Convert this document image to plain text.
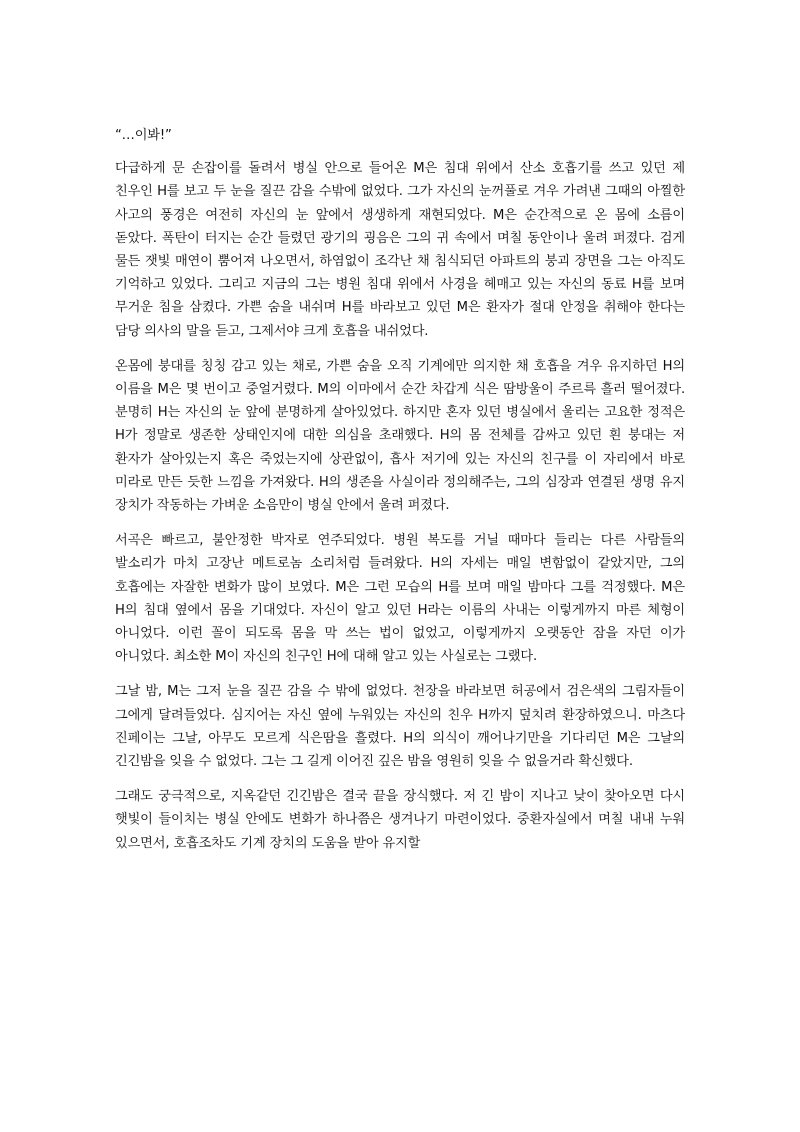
“…이봐!”

다급하게 문 손잡이를 돌려서 병실 안으로 들어온 M은 침대 위에서 산소 호흡기를 쓰고 있던 제 친우인 H를 보고 두 눈을 질끈 감을 수밖에 없었다. 그가 자신의 눈꺼풀로 겨우 가려낸 그때의 아찔한 사고의 풍경은 여전히 자신의 눈 앞에서 생생하게 재현되었다. M은 순간적으로 온 몸에 소름이 돋았다. 폭탄이 터지는 순간 들렸던 광기의 굉음은 그의 귀 속에서 며칠 동안이나 울려 퍼졌다. 검게 물든 잿빛 매연이 뿜어져 나오면서, 하염없이 조각난 채 침식되던 아파트의 붕괴 장면을 그는 아직도 기억하고 있었다. 그리고 지금의 그는 병원 침대 위에서 사경을 헤매고 있는 자신의 동료 H를 보며 무거운 침을 삼켰다. 가쁜 숨을 내쉬며 H를 바라보고 있던 M은 환자가 절대 안정을 취해야 한다는 담당 의사의 말을 듣고, 그제서야 크게 호흡을 내쉬었다.

온몸에 붕대를 칭칭 감고 있는 채로, 가쁜 숨을 오직 기계에만 의지한 채 호흡을 겨우 유지하던 H의 이름을 M은 몇 번이고 중얼거렸다. M의 이마에서 순간 차갑게 식은 땀방울이 주르륵 흘러 떨어졌다. 분명히 H는 자신의 눈 앞에 분명하게 살아있었다. 하지만 혼자 있던 병실에서 울리는 고요한 정적은 H가 정말로 생존한 상태인지에 대한 의심을 초래했다. H의 몸 전체를 감싸고 있던 흰 붕대는 저 환자가 살아있는지 혹은 죽었는지에 상관없이, 흡사 저기에 있는 자신의 친구를 이 자리에서 바로 미라로 만든 듯한 느낌을 가져왔다. H의 생존을 사실이라 정의해주는, 그의 심장과 연결된 생명 유지 장치가 작동하는 가벼운 소음만이 병실 안에서 울려 퍼졌다.

서곡은 빠르고, 불안정한 박자로 연주되었다. 병원 복도를 거닐 때마다 들리는 다른 사람들의 발소리가 마치 고장난 메트로놈 소리처럼 들려왔다. H의 자세는 매일 변함없이 같았지만, 그의 호흡에는 자잘한 변화가 많이 보였다. M은 그런 모습의 H를 보며 매일 밤마다 그를 걱정했다. M은 H의 침대 옆에서 몸을 기대었다. 자신이 알고 있던 H라는 이름의 사내는 이렇게까지 마른 체형이 아니었다. 이런 꼴이 되도록 몸을 막 쓰는 법이 없었고, 이렇게까지 오랫동안 잠을 자던 이가 아니었다. 최소한 M이 자신의 친구인 H에 대해 알고 있는 사실로는 그랬다.

그날 밤, M는 그저 눈을 질끈 감을 수 밖에 없었다. 천장을 바라보면 허공에서 검은색의 그림자들이 그에게 달려들었다. 심지어는 자신 옆에 누워있는 자신의 친우 H까지 덮치려 환장하였으니. 마츠다 진페이는 그날, 아무도 모르게 식은땀을 흘렸다. H의 의식이 깨어나기만을 기다리던 M은 그날의 긴긴밤을 잊을 수 없었다. 그는 그 길게 이어진 깊은 밤을 영원히 잊을 수 없을거라 확신했다.

그래도 궁극적으로, 지옥같던 긴긴밤은 결국 끝을 장식했다. 저 긴 밤이 지나고 낮이 찾아오면 다시 햇빛이 들이치는 병실 안에도 변화가 하나쯤은 생겨나기 마련이었다. 중환자실에서 며칠 내내 누워 있으면서, 호흡조차도 기계 장치의 도움을 받아 유지할
